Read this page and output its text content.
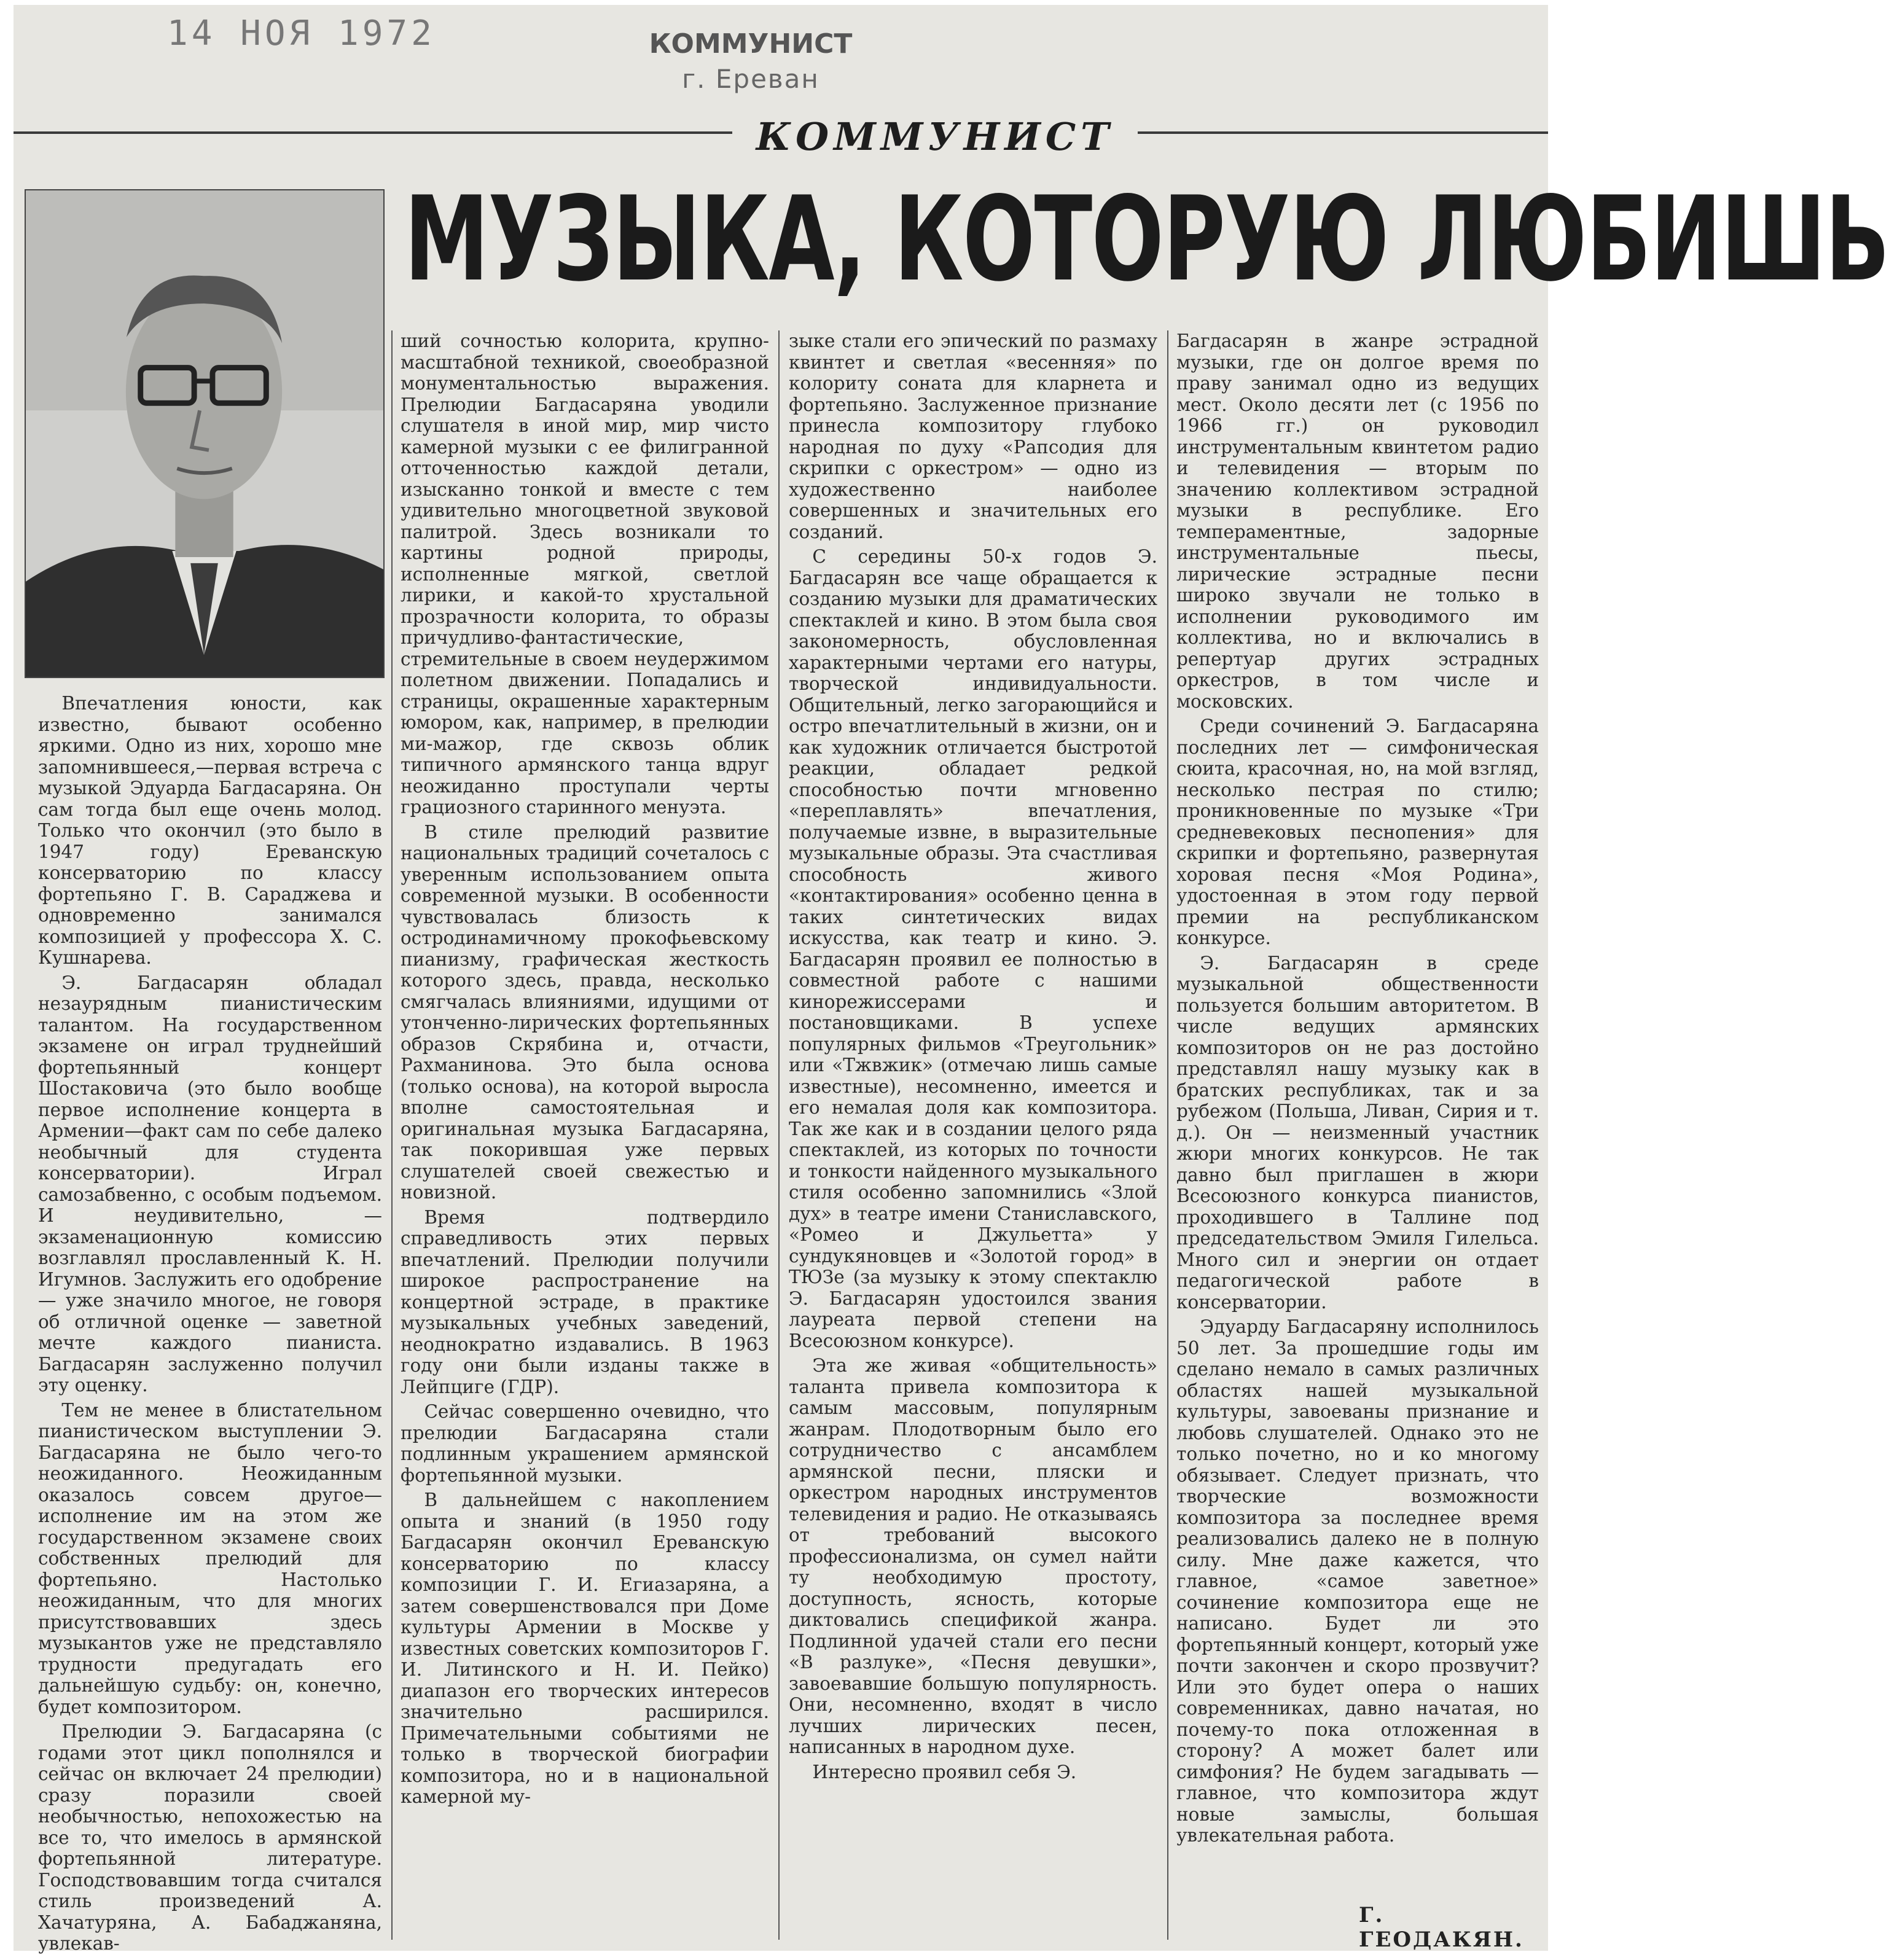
14 НОЯ 1972	КОММУНИСТ
г. Ереван
КОММУНИСТ
МУЗЫКА, КОТОРУЮ ЛЮБИШЬ

Впечатления юности, как известно, бывают особенно яркими. Одно из них, хорошо мне запомнившееся,—первая встреча с музыкой Эдуарда Багдасаряна. Он сам тогда был еще очень молод. Только что окончил (это было в 1947 году) Ереванскую консерваторию по классу фортепьяно Г. В. Сараджева и одновременно занимался композицией у профессора Х. С. Кушнарева.

Э. Багдасарян обладал незаурядным пианистическим талантом. На государственном экзамене он играл труднейший фортепьянный концерт Шостаковича (это было вообще первое исполнение концерта в Армении—факт сам по себе далеко необычный для студента консерватории). Играл самозабвенно, с особым подъемом. И неудивительно, — экзаменационную комиссию возглавлял прославленный К. Н. Игумнов. Заслужить его одобрение — уже значило многое, не говоря об отличной оценке — заветной мечте каждого пианиста. Багдасарян заслуженно получил эту оценку.

Тем не менее в блистательном пианистическом выступлении Э. Багдасаряна не было чего-то неожиданного. Неожиданным оказалось совсем другое—исполнение им на этом же государственном экзамене своих собственных прелюдий для фортепьяно. Настолько неожиданным, что для многих присутствовавших здесь музыкантов уже не представляло трудности предугадать его дальнейшую судьбу: он, конечно, будет композитором.

Прелюдии Э. Багдасаряна (с годами этот цикл пополнялся и сейчас он включает 24 прелюдии) сразу поразили своей необычностью, непохожестью на все то, что имелось в армянской фортепьянной литературе. Господствовавшим тогда считался стиль произведений А. Хачатуряна, А. Бабаджаняна, увлекав-

ший сочностью колорита, крупно-масштабной техникой, своеобразной монументальностью выражения. Прелюдии Багдасаряна уводили слушателя в иной мир, мир чисто камерной музыки с ее филигранной отточенностью каждой детали, изысканно тонкой и вместе с тем удивительно многоцветной звуковой палитрой. Здесь возникали то картины родной природы, исполненные мягкой, светлой лирики, и какой-то хрустальной прозрачности колорита, то образы причудливо-фантастические, стремительные в своем неудержимом полетном движении. Попадались и страницы, окрашенные характерным юмором, как, например, в прелюдии ми-мажор, где сквозь облик типичного армянского танца вдруг неожиданно проступали черты грациозного старинного менуэта.

В стиле прелюдий развитие национальных традиций сочеталось с уверенным использованием опыта современной музыки. В особенности чувствовалась близость к остродинамичному прокофьевскому пианизму, графическая жесткость которого здесь, правда, несколько смягчалась влияниями, идущими от утонченно-лирических фортепьянных образов Скрябина и, отчасти, Рахманинова. Это была основа (только основа), на которой выросла вполне самостоятельная и оригинальная музыка Багдасаряна, так покорившая уже первых слушателей своей свежестью и новизной.

Время подтвердило справедливость этих первых впечатлений. Прелюдии получили широкое распространение на концертной эстраде, в практике музыкальных учебных заведений, неоднократно издавались. В 1963 году они были изданы также в Лейпциге (ГДР).

Сейчас совершенно очевидно, что прелюдии Багдасаряна стали подлинным украшением армянской фортепьянной музыки.

В дальнейшем с накоплением опыта и знаний (в 1950 году Багдасарян окончил Ереванскую консерваторию по классу композиции Г. И. Егиазаряна, а затем совершенствовался при Доме культуры Армении в Москве у известных советских композиторов Г. И. Литинского и Н. И. Пейко) диапазон его творческих интересов значительно расширился. Примечательными событиями не только в творческой биографии композитора, но и в национальной камерной му-

зыке стали его эпический по размаху квинтет и светлая «весенняя» по колориту соната для кларнета и фортепьяно. Заслуженное признание принесла композитору глубоко народная по духу «Рапсодия для скрипки с оркестром» — одно из художественно наиболее совершенных и значительных его созданий.

С середины 50-х годов Э. Багдасарян все чаще обращается к созданию музыки для драматических спектаклей и кино. В этом была своя закономерность, обусловленная характерными чертами его натуры, творческой индивидуальности. Общительный, легко загорающийся и остро впечатлительный в жизни, он и как художник отличается быстротой реакции, обладает редкой способностью почти мгновенно «переплавлять» впечатления, получаемые извне, в выразительные музыкальные образы. Эта счастливая способность живого «контактирования» особенно ценна в таких синтетических видах искусства, как театр и кино. Э. Багдасарян проявил ее полностью в совместной работе с нашими кинорежиссерами и постановщиками. В успехе популярных фильмов «Треугольник» или «Тжвжик» (отмечаю лишь самые известные), несомненно, имеется и его немалая доля как композитора. Так же как и в создании целого ряда спектаклей, из которых по точности и тонкости найденного музыкального стиля особенно запомнились «Злой дух» в театре имени Станиславского, «Ромео и Джульетта» у сундукяновцев и «Золотой город» в ТЮЗе (за музыку к этому спектаклю Э. Багдасарян удостоился звания лауреата первой степени на Всесоюзном конкурсе).

Эта же живая «общительность» таланта привела композитора к самым массовым, популярным жанрам. Плодотворным было его сотрудничество с ансамблем армянской песни, пляски и оркестром народных инструментов телевидения и радио. Не отказываясь от требований высокого профессионализма, он сумел найти ту необходимую простоту, доступность, ясность, которые диктовались спецификой жанра. Подлинной удачей стали его песни «В разлуке», «Песня девушки», завоевавшие большую популярность. Они, несомненно, входят в число лучших лирических песен, написанных в народном духе.

Интересно проявил себя Э.

Багдасарян в жанре эстрадной музыки, где он долгое время по праву занимал одно из ведущих мест. Около десяти лет (с 1956 по 1966 гг.) он руководил инструментальным квинтетом радио и телевидения — вторым по значению коллективом эстрадной музыки в республике. Его темпераментные, задорные инструментальные пьесы, лирические эстрадные песни широко звучали не только в исполнении руководимого им коллектива, но и включались в репертуар других эстрадных оркестров, в том числе и московских.

Среди сочинений Э. Багдасаряна последних лет — симфоническая сюита, красочная, но, на мой взгляд, несколько пестрая по стилю; проникновенные по музыке «Три средневековых песнопения» для скрипки и фортепьяно, развернутая хоровая песня «Моя Родина», удостоенная в этом году первой премии на республиканском конкурсе.

Э. Багдасарян в среде музыкальной общественности пользуется большим авторитетом. В числе ведущих армянских композиторов он не раз достойно представлял нашу музыку как в братских республиках, так и за рубежом (Польша, Ливан, Сирия и т. д.). Он — неизменный участник жюри многих конкурсов. Не так давно был приглашен в жюри Всесоюзного конкурса пианистов, проходившего в Таллине под председательством Эмиля Гилельса. Много сил и энергии он отдает педагогической работе в консерватории.

Эдуарду Багдасаряну исполнилось 50 лет. За прошедшие годы им сделано немало в самых различных областях нашей музыкальной культуры, завоеваны признание и любовь слушателей. Однако это не только почетно, но и ко многому обязывает. Следует признать, что творческие возможности композитора за последнее время реализовались далеко не в полную силу. Мне даже кажется, что главное, «самое заветное» сочинение композитора еще не написано. Будет ли это фортепьянный концерт, который уже почти закончен и скоро прозвучит? Или это будет опера о наших современниках, давно начатая, но почему-то пока отложенная в сторону? А может балет или симфония? Не будем загадывать — главное, что композитора ждут новые замыслы, большая увлекательная работа.

Г. ГЕОДАКЯН.
